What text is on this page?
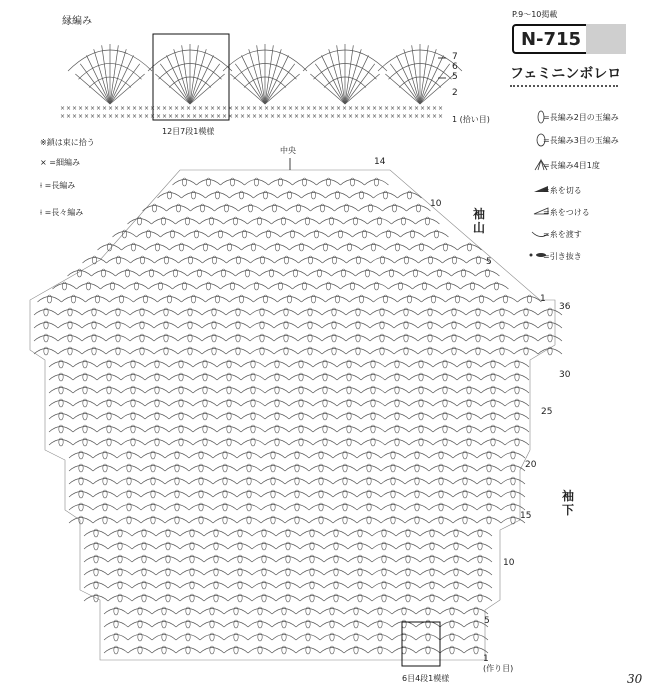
×
×
×
×
×
×
×
×
×
×
×
×
×
×
×
×
×
×
×
×
×
×
×
×
×
×
×
×
×
×
×
×
×
×
×
×
×
×
×
×
×
×
×
×
×
×
×
×
×
×
×
×
×
×
×
×
×
×
×
×
×
×
×
×
×
×
×
×
×
×
×
×
×
×
×
×
×
×
×
×
×
×
×
×
×
×
×
×
×
×
×
×
×
×
×
×
×
×
×
×
×
×
×
×
×
×
×
×
×
×
×
×
×
×
×
×
×
×
×
×
×
×
×
×
×
×
×
×
縁編み
12目7段1模様
7
6
5
2
1 (拾い目)
P.9～10掲載
N-715
フェミニンボレロ
※鎖は束に拾う
× =細編み
⟊ =長編み
⟊ =長々編み
=長編み2目の玉編み
=長編み3目の玉編み
=長編み4目1度
=糸を切る
=糸をつける
=糸を渡す
=引き抜き
中央
袖
山
袖
下
14
10
5
1
36
30
25
20
15
10
5
1
(作り目)
6目4段1模様	30
